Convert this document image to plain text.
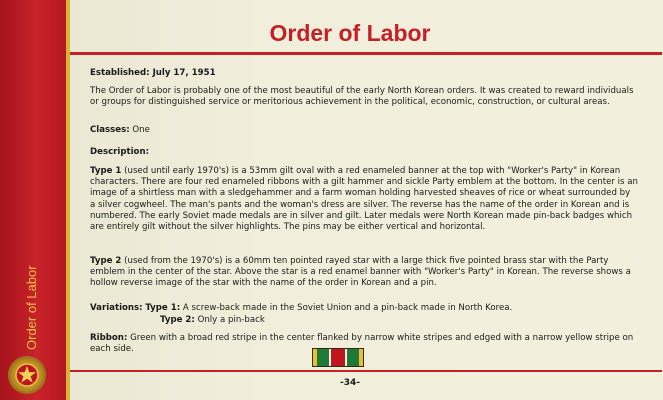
Order of Labor
Order of Labor

Established: July 17, 1951

The Order of Labor is probably one of the most beautiful of the early North Korean orders. It was created to reward individuals or groups for distinguished service or meritorious achievement in the political, economic, construction, or cultural areas.

Classes: One

Description:

Type 1 (used until early 1970's) is a 53mm gilt oval with a red enameled banner at the top with "Worker's Party" in Korean characters. There are four red enameled ribbons with a gilt hammer and sickle Party emblem at the bottom. In the center is an image of a shirtless man with a sledgehammer and a farm woman holding harvested sheaves of rice or wheat surrounded by a silver cogwheel. The man's pants and the woman's dress are silver. The reverse has the name of the order in Korean and is numbered. The early Soviet made medals are in silver and gilt. Later medals were North Korean made pin-back badges which are entirely gilt without the silver highlights. The pins may be either vertical and horizontal.

Type 2 (used from the 1970's) is a 60mm ten pointed rayed star with a large thick five pointed brass star with the Party emblem in the center of the star. Above the star is a red enamel banner with "Worker's Party" in Korean. The reverse shows a hollow reverse image of the star with the name of the order in Korean and a pin.

Variations: Type 1: A screw-back made in the Soviet Union and a pin-back made in North Korea.

Type 2: Only a pin-back

Ribbon: Green with a broad red stripe in the center flanked by narrow white stripes and edged with a narrow yellow stripe on each side.

-34-
